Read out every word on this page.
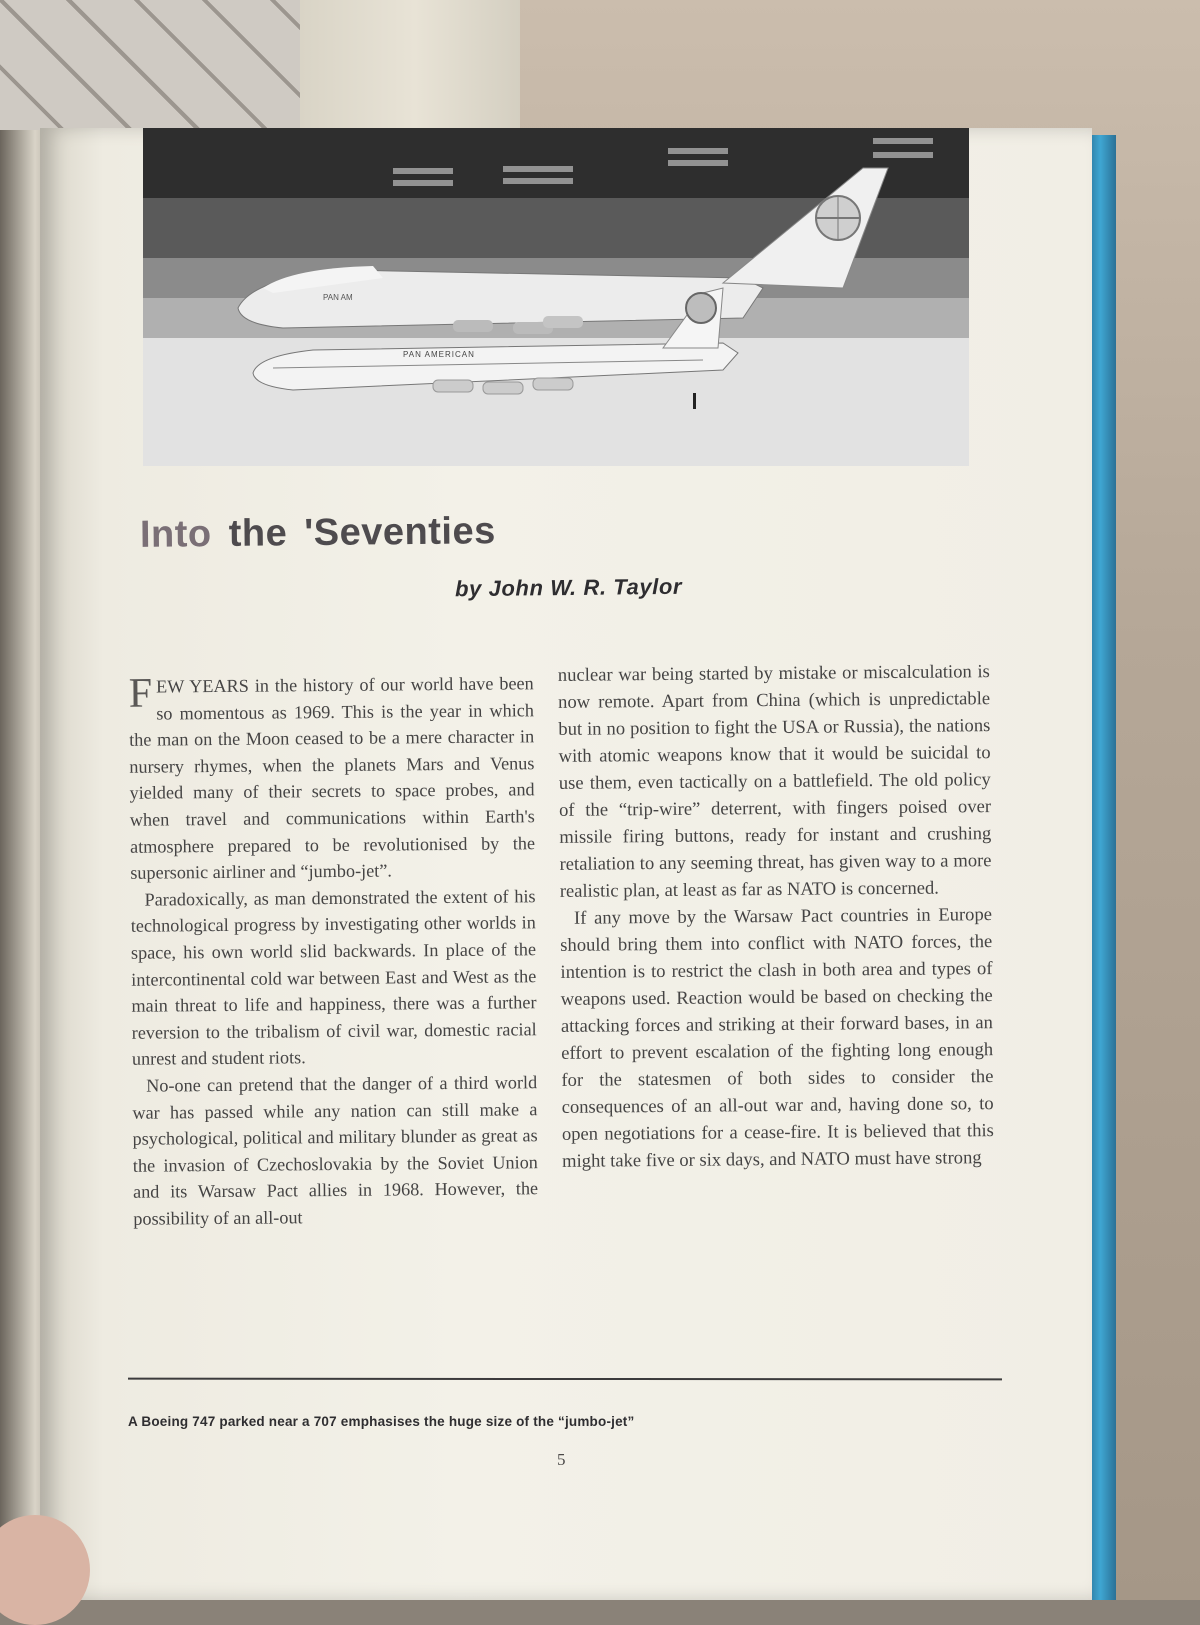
PAN AM
PAN AMERICAN
Into the 'Seventies
by John W. R. Taylor

FEW YEARS in the history of our world have been so momentous as 1969. This is the year in which the man on the Moon ceased to be a mere character in nursery rhymes, when the planets Mars and Venus yielded many of their secrets to space probes, and when travel and communications within Earth's atmosphere prepared to be revolutionised by the supersonic airliner and “jumbo-jet”.

Paradoxically, as man demonstrated the extent of his technological progress by investigating other worlds in space, his own world slid backwards. In place of the intercontinental cold war between East and West as the main threat to life and happiness, there was a further reversion to the tribalism of civil war, domestic racial unrest and student riots.

No-one can pretend that the danger of a third world war has passed while any nation can still make a psychological, political and military blunder as great as the invasion of Czechoslovakia by the Soviet Union and its Warsaw Pact allies in 1968. However, the possibility of an all-out

nuclear war being started by mistake or miscalculation is now remote. Apart from China (which is unpredictable but in no position to fight the USA or Russia), the nations with atomic weapons know that it would be suicidal to use them, even tactically on a battlefield. The old policy of the “trip-wire” deterrent, with fingers poised over missile firing buttons, ready for instant and crushing retaliation to any seeming threat, has given way to a more realistic plan, at least as far as NATO is concerned.

If any move by the Warsaw Pact countries in Europe should bring them into conflict with NATO forces, the intention is to restrict the clash in both area and types of weapons used. Reaction would be based on checking the attacking forces and striking at their forward bases, in an effort to prevent escalation of the fighting long enough for the statesmen of both sides to consider the consequences of an all-out war and, having done so, to open negotiations for a cease-fire. It is believed that this might take five or six days, and NATO must have strong

A Boeing 747 parked near a 707 emphasises the huge size of the “jumbo-jet”
5
